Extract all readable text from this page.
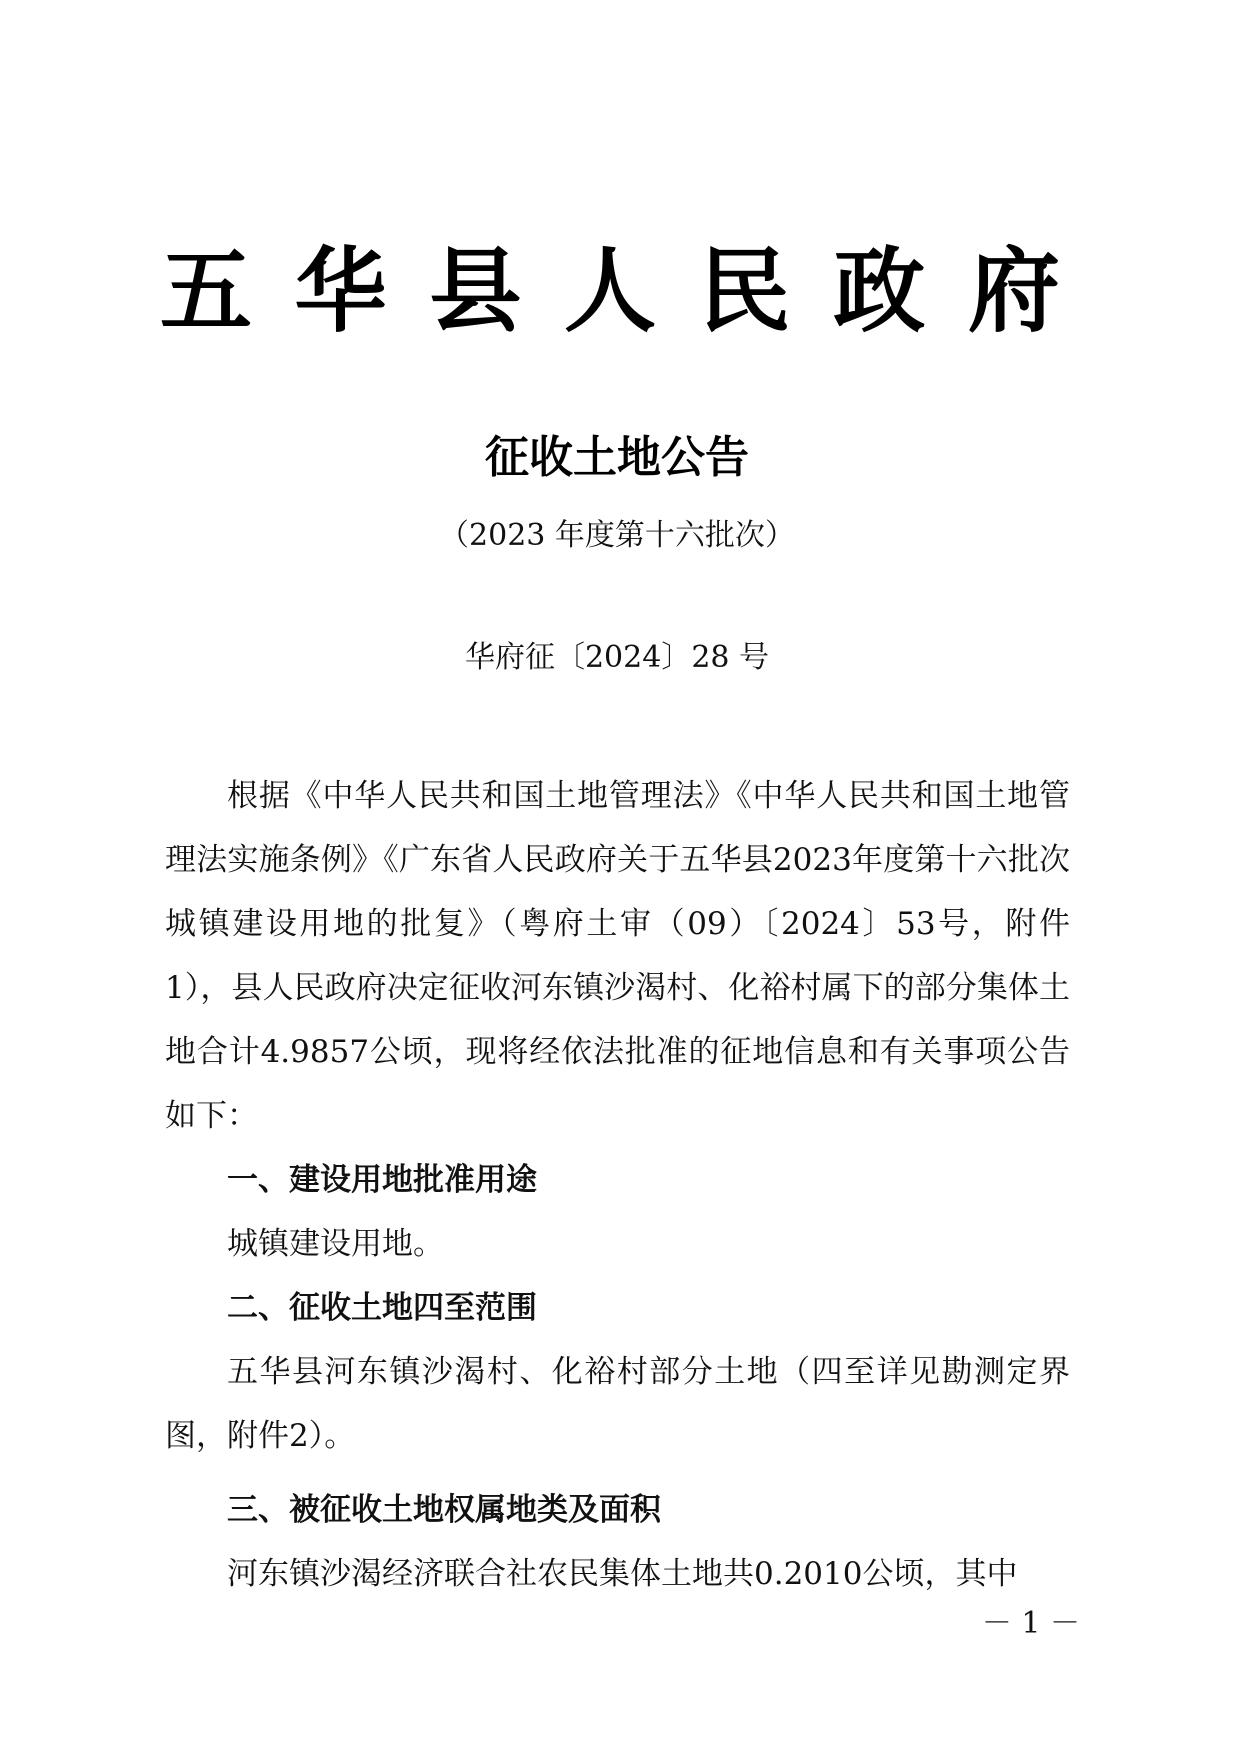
五 华 县 人 民 政 府
征收土地公告
（2023 年度第十六批次）
华府征〔2024〕28 号

根据《中华人民共和国土地管理法》《中华人民共和国土地管理法实施条例》《广东省人民政府关于五华县2023年度第十六批次城镇建设用地的批复》（粤府土审（09）〔2024〕53号，附件1），县人民政府决定征收河东镇沙渴村、化裕村属下的部分集体土地合计4.9857公顷，现将经依法批准的征地信息和有关事项公告如下：

一、建设用地批准用途

城镇建设用地。

二、征收土地四至范围

五华县河东镇沙渴村、化裕村部分土地（四至详见勘测定界图，附件2）。

三、被征收土地权属地类及面积

河东镇沙渴经济联合社农民集体土地共0.2010公顷，其中

－ 1 －
